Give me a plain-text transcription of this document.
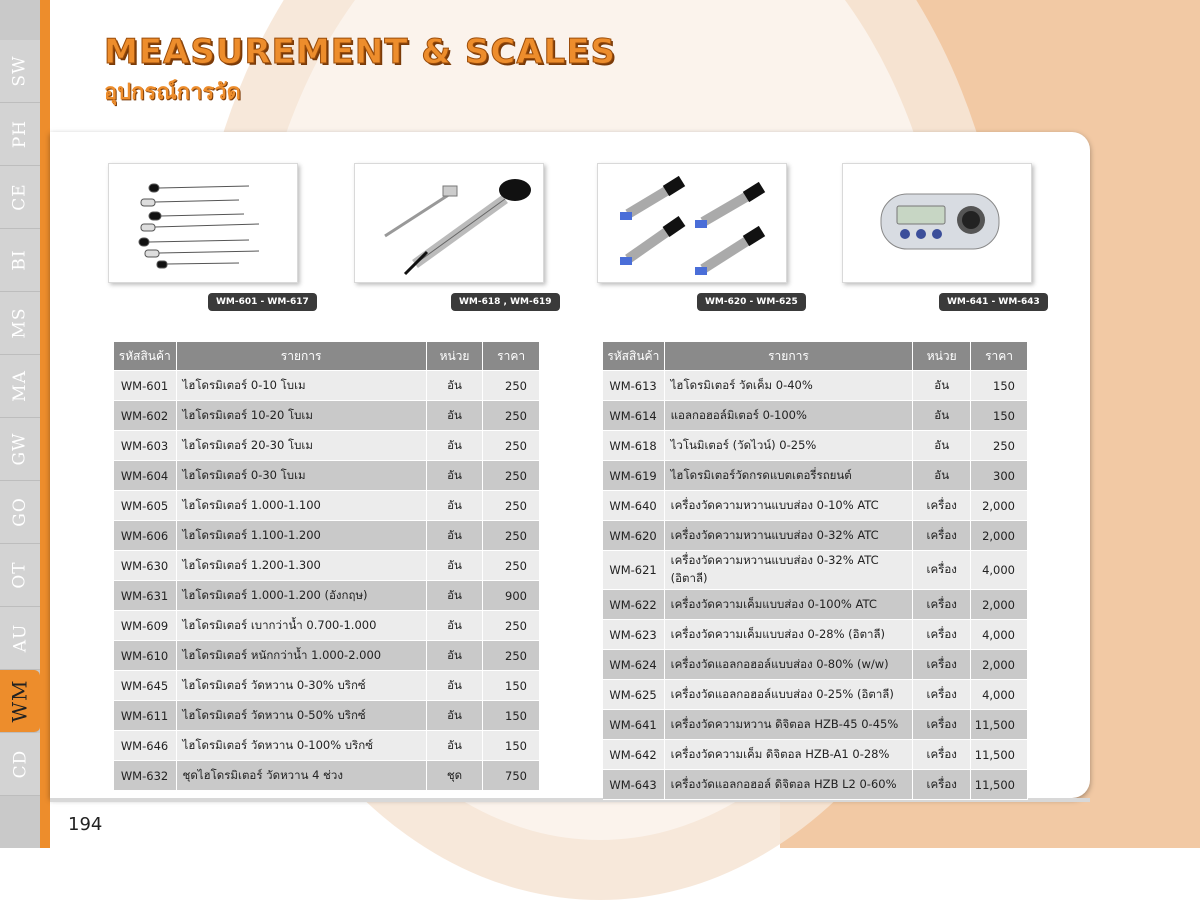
SW
PH
CE
BI
MS
MA
GW
GO
OT
AU
WM
CD
MEASUREMENT & SCALES
อุปกรณ์การวัด
WM-601 - WM-617	WM-618 , WM-619	WM-620 - WM-625	WM-641 - WM-643
รหัสสินค้า	รายการ	หน่วย	ราคา
WM-601	ไฮโดรมิเตอร์ 0-10 โบเม	อัน	250
WM-602	ไฮโดรมิเตอร์ 10-20 โบเม	อัน	250
WM-603	ไฮโดรมิเตอร์ 20-30 โบเม	อัน	250
WM-604	ไฮโดรมิเตอร์ 0-30 โบเม	อัน	250
WM-605	ไฮโดรมิเตอร์ 1.000-1.100	อัน	250
WM-606	ไฮโดรมิเตอร์ 1.100-1.200	อัน	250
WM-630	ไฮโดรมิเตอร์ 1.200-1.300	อัน	250
WM-631	ไฮโดรมิเตอร์ 1.000-1.200 (อังกฤษ)	อัน	900
WM-609	ไฮโดรมิเตอร์ เบากว่าน้ำ 0.700-1.000	อัน	250
WM-610	ไฮโดรมิเตอร์ หนักกว่าน้ำ 1.000-2.000	อัน	250
WM-645	ไฮโดรมิเตอร์ วัดหวาน 0-30% บริกซ์	อัน	150
WM-611	ไฮโดรมิเตอร์ วัดหวาน 0-50% บริกซ์	อัน	150
WM-646	ไฮโดรมิเตอร์ วัดหวาน 0-100% บริกซ์	อัน	150
WM-632	ชุดไฮโดรมิเตอร์ วัดหวาน 4 ช่วง	ชุด	750
รหัสสินค้า	รายการ	หน่วย	ราคา
WM-613	ไฮโดรมิเตอร์ วัดเค็ม 0-40%	อัน	150
WM-614	แอลกอฮอล์มิเตอร์ 0-100%	อัน	150
WM-618	ไวโนมิเตอร์ (วัดไวน์) 0-25%	อัน	250
WM-619	ไฮโดรมิเตอร์วัดกรดแบตเตอรี่รถยนต์	อัน	300
WM-640	เครื่องวัดความหวานแบบส่อง 0-10% ATC	เครื่อง	2,000
WM-620	เครื่องวัดความหวานแบบส่อง 0-32% ATC	เครื่อง	2,000
WM-621	เครื่องวัดความหวานแบบส่อง 0-32% ATC (อิตาลี)	เครื่อง	4,000
WM-622	เครื่องวัดความเค็มแบบส่อง 0-100% ATC	เครื่อง	2,000
WM-623	เครื่องวัดความเค็มแบบส่อง 0-28% (อิตาลี)	เครื่อง	4,000
WM-624	เครื่องวัดแอลกอฮอล์แบบส่อง 0-80% (w/w)	เครื่อง	2,000
WM-625	เครื่องวัดแอลกอฮอล์แบบส่อง 0-25% (อิตาลี)	เครื่อง	4,000
WM-641	เครื่องวัดความหวาน ดิจิตอล HZB-45 0-45%	เครื่อง	11,500
WM-642	เครื่องวัดความเค็ม ดิจิตอล HZB-A1 0-28%	เครื่อง	11,500
WM-643	เครื่องวัดแอลกอฮอล์ ดิจิตอล HZB L2 0-60%	เครื่อง	11,500
194
